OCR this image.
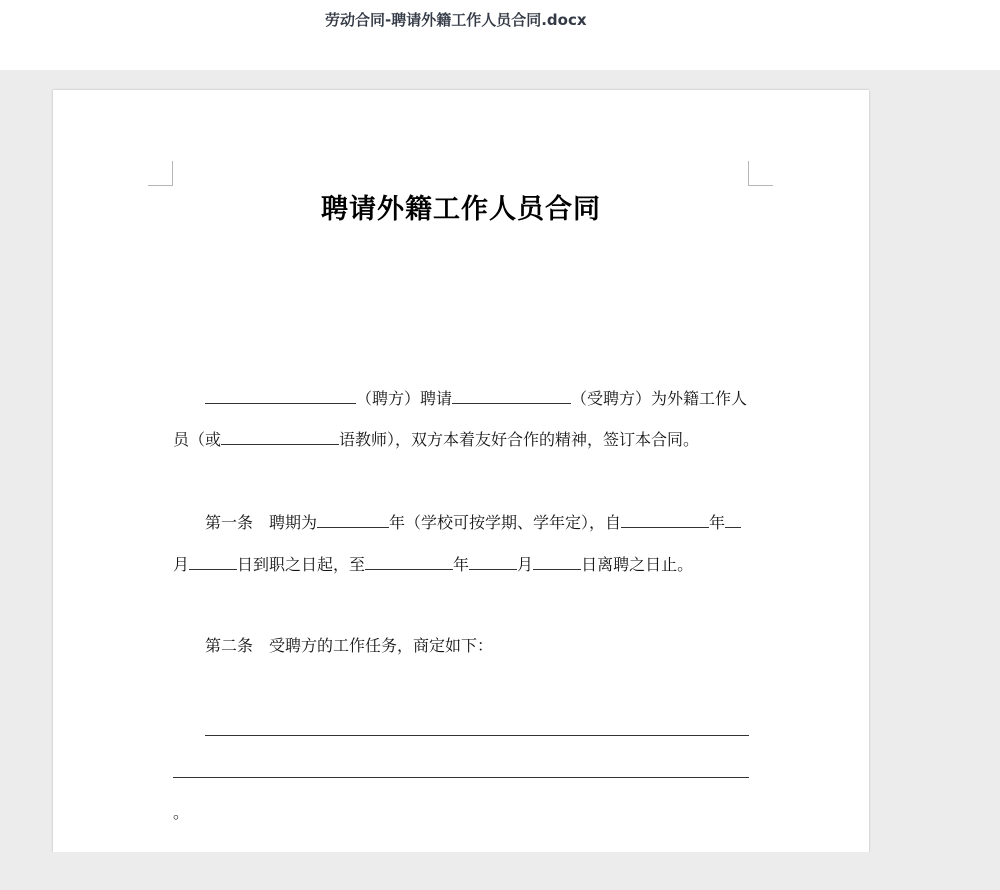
劳动合同-聘请外籍工作人员合同.docx
聘请外籍工作人员合同
（聘方）聘请	（受聘方）为外籍工作人
员（或	语教师），双方本着友好合作的精神，签订本合同。
第一条 聘期为	年（学校可按学期、学年定），自	年
月	日到职之日起，至	年	月	日离聘之日止。
第二条 受聘方的工作任务，商定如下：
。
